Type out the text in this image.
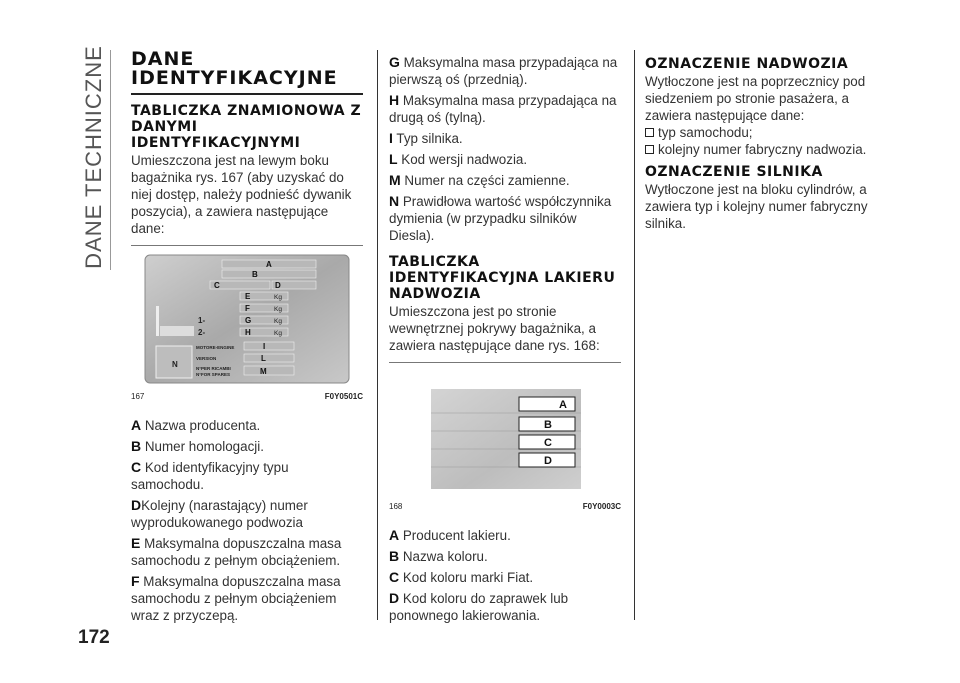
DANE TECHNICZNE
172
DANE IDENTYFIKACYJNE
TABLICZKA ZNAMIONOWA Z DANYMI IDENTYFIKACYJNYMI

Umieszczona jest na lewym boku bagażnika rys. 167 (aby uzyskać do niej dostęp, należy podnieść dywanik poszycia), a zawiera następujące dane:

N
A
B
C	D
E	Kg
F	Kg
G	Kg
H	Kg
1-
2-
MOTORE-ENGINE	I
VERSION	L
N°PER RICAMBI
N°FOR SPARES	M
167	F0Y0501C
A Nazwa producenta.
B Numer homologacji.
C Kod identyfikacyjny typu samochodu.
DKolejny (narastający) numer wyprodukowanego podwozia
E Maksymalna dopuszczalna masa samochodu z pełnym obciążeniem.
F Maksymalna dopuszczalna masa samochodu z pełnym obciążeniem wraz z przyczepą.
G Maksymalna masa przypadająca na pierwszą oś (przednią).
H Maksymalna masa przypadająca na drugą oś (tylną).
I Typ silnika.
L Kod wersji nadwozia.
M Numer na części zamienne.
N Prawidłowa wartość współczynnika dymienia (w przypadku silników Diesla).
TABLICZKA IDENTYFIKACYJNA LAKIERU NADWOZIA

Umieszczona jest po stronie wewnętrznej pokrywy bagażnika, a zawiera następujące dane rys. 168:

A
B
C
D
168	F0Y0003C
A Producent lakieru.
B Nazwa koloru.
C Kod koloru marki Fiat.
D Kod koloru do zaprawek lub ponownego lakierowania.
OZNACZENIE NADWOZIA

Wytłoczone jest na poprzecznicy pod siedzeniem po stronie pasażera, a zawiera następujące dane:

typ samochodu;
kolejny numer fabryczny nadwozia.
OZNACZENIE SILNIKA

Wytłoczone jest na bloku cylindrów, a zawiera typ i kolejny numer fabryczny silnika.
